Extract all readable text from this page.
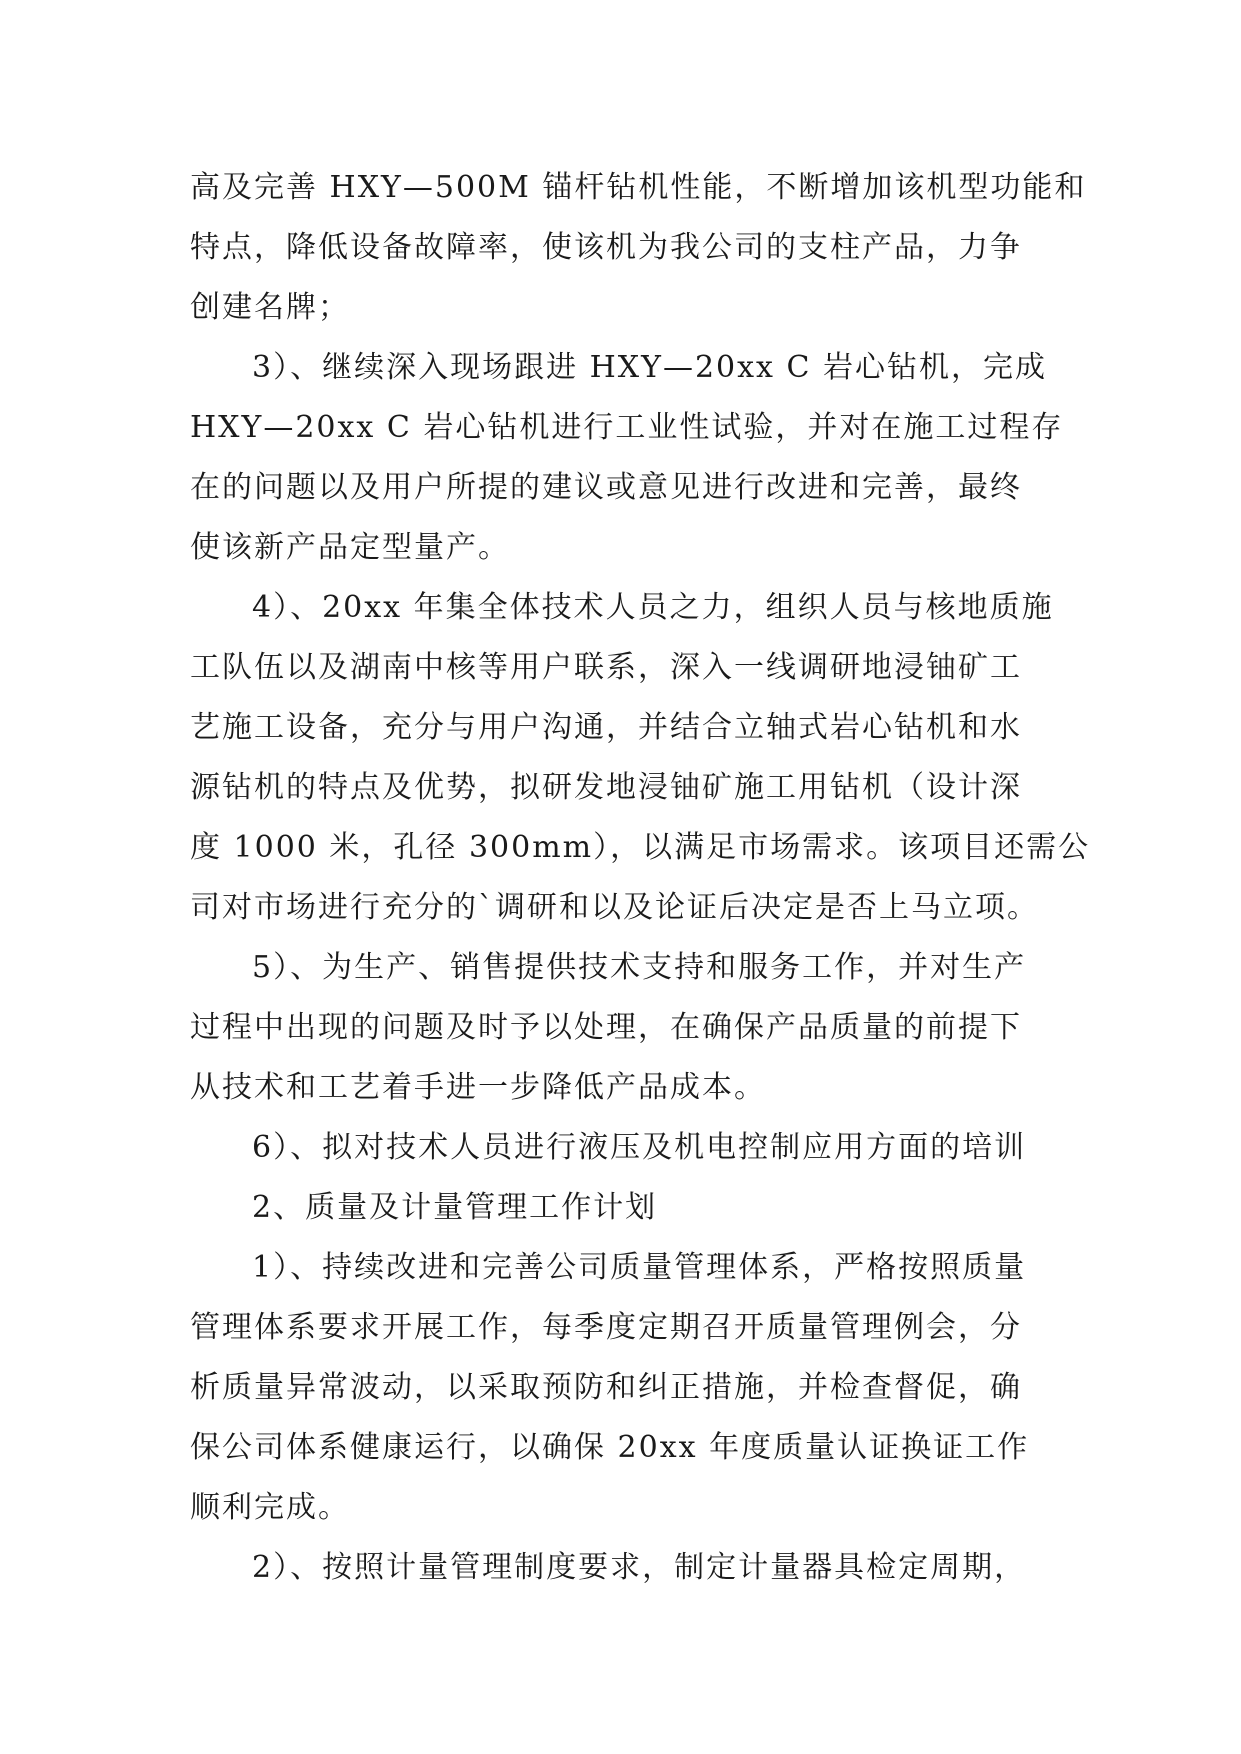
高及完善 HXY—500M 锚杆钻机性能，不断增加该机型功能和
特点，降低设备故障率，使该机为我公司的支柱产品，力争
创建名牌；
3）、继续深入现场跟进 HXY—20xx C 岩心钻机，完成
HXY—20xx C 岩心钻机进行工业性试验，并对在施工过程存
在的问题以及用户所提的建议或意见进行改进和完善，最终
使该新产品定型量产。
4）、20xx 年集全体技术人员之力，组织人员与核地质施
工队伍以及湖南中核等用户联系，深入一线调研地浸铀矿工
艺施工设备，充分与用户沟通，并结合立轴式岩心钻机和水
源钻机的特点及优势，拟研发地浸铀矿施工用钻机（设计深
度 1000 米，孔径 300mm），以满足市场需求。该项目还需公
司对市场进行充分的`调研和以及论证后决定是否上马立项。
5）、为生产、销售提供技术支持和服务工作，并对生产
过程中出现的问题及时予以处理，在确保产品质量的前提下
从技术和工艺着手进一步降低产品成本。
6）、拟对技术人员进行液压及机电控制应用方面的培训
2、质量及计量管理工作计划
1）、持续改进和完善公司质量管理体系，严格按照质量
管理体系要求开展工作，每季度定期召开质量管理例会，分
析质量异常波动，以采取预防和纠正措施，并检查督促，确
保公司体系健康运行，以确保 20xx 年度质量认证换证工作
顺利完成。
2）、按照计量管理制度要求，制定计量器具检定周期，
